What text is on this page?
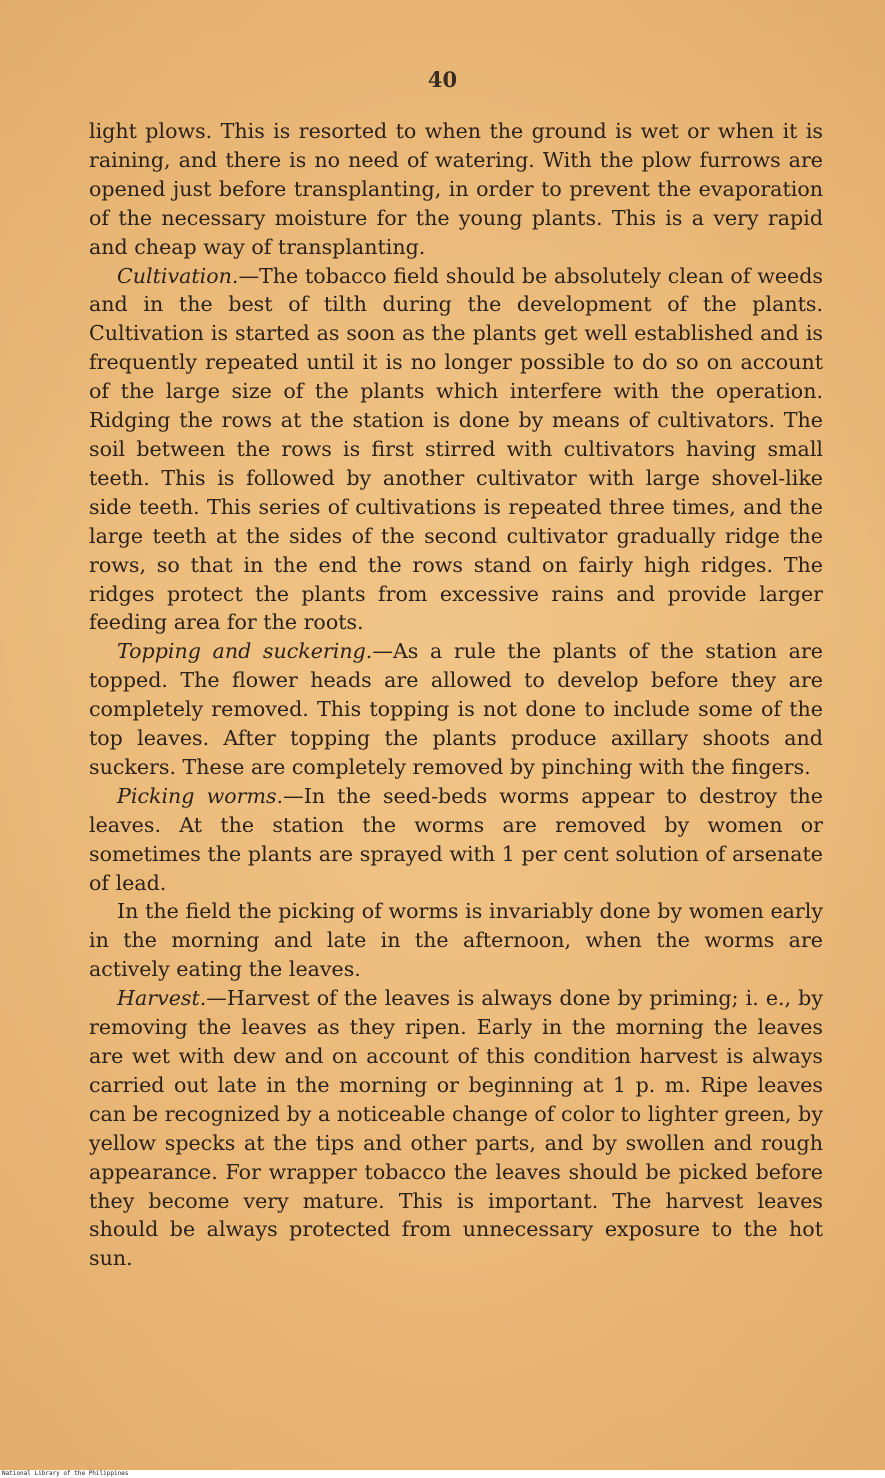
40

light plows. This is resorted to when the ground is wet or when it is raining, and there is no need of watering. With the plow furrows are opened just before transplanting, in order to prevent the evaporation of the necessary moisture for the young plants. This is a very rapid and cheap way of transplanting.

Cultivation.—The tobacco field should be absolutely clean of weeds and in the best of tilth during the development of the plants. Cultivation is started as soon as the plants get well established and is frequently repeated until it is no longer possible to do so on account of the large size of the plants which interfere with the operation. Ridging the rows at the station is done by means of cultivators. The soil between the rows is first stirred with cultivators having small teeth. This is followed by another cultivator with large shovel-like side teeth. This series of cultivations is repeated three times, and the large teeth at the sides of the second cultivator gradually ridge the rows, so that in the end the rows stand on fairly high ridges. The ridges protect the plants from excessive rains and provide larger feeding area for the roots.

Topping and suckering.—As a rule the plants of the station are topped. The flower heads are allowed to develop before they are completely removed. This topping is not done to include some of the top leaves. After topping the plants produce axillary shoots and suckers. These are completely removed by pinching with the fingers.

Picking worms.—In the seed-beds worms appear to destroy the leaves. At the station the worms are removed by women or sometimes the plants are sprayed with 1 per cent solution of arsenate of lead.

In the field the picking of worms is invariably done by women early in the morning and late in the afternoon, when the worms are actively eating the leaves.

Harvest.—Harvest of the leaves is always done by priming; i. e., by removing the leaves as they ripen. Early in the morning the leaves are wet with dew and on account of this condition harvest is always carried out late in the morning or beginning at 1 p. m. Ripe leaves can be recognized by a noticeable change of color to lighter green, by yellow specks at the tips and other parts, and by swollen and rough appearance. For wrapper tobacco the leaves should be picked before they become very mature. This is important. The harvest leaves should be always protected from unnecessary exposure to the hot sun.

National Library of the Philippines
